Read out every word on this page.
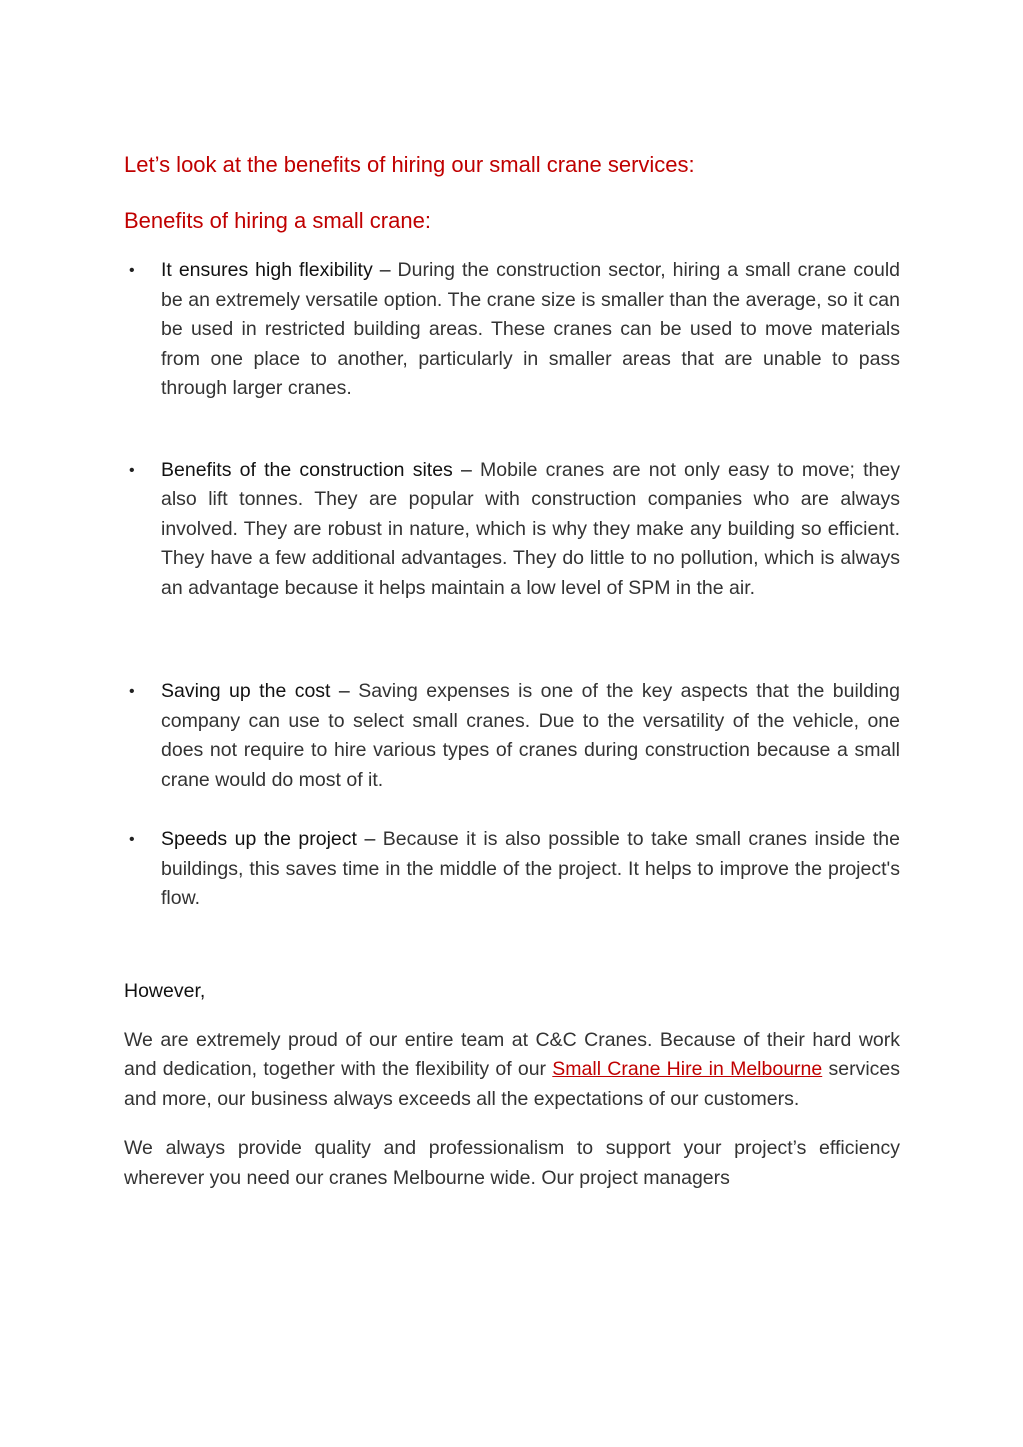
Let’s look at the benefits of hiring our small crane services:
Benefits of hiring a small crane:
• It ensures high flexibility – During the construction sector, hiring a small crane could be an extremely versatile option. The crane size is smaller than the average, so it can be used in restricted building areas. These cranes can be used to move materials from one place to another, particularly in smaller areas that are unable to pass through larger cranes.
• Benefits of the construction sites – Mobile cranes are not only easy to move; they also lift tonnes. They are popular with construction companies who are always involved. They are robust in nature, which is why they make any building so efficient. They have a few additional advantages. They do little to no pollution, which is always an advantage because it helps maintain a low level of SPM in the air.
• Saving up the cost – Saving expenses is one of the key aspects that the building company can use to select small cranes. Due to the versatility of the vehicle, one does not require to hire various types of cranes during construction because a small crane would do most of it.
• Speeds up the project – Because it is also possible to take small cranes inside the buildings, this saves time in the middle of the project. It helps to improve the project's flow.

However,

We are extremely proud of our entire team at C&C Cranes. Because of their hard work and dedication, together with the flexibility of our Small Crane Hire in Melbourne services and more, our business always exceeds all the expectations of our customers.

We always provide quality and professionalism to support your project’s efficiency wherever you need our cranes Melbourne wide. Our project managers
